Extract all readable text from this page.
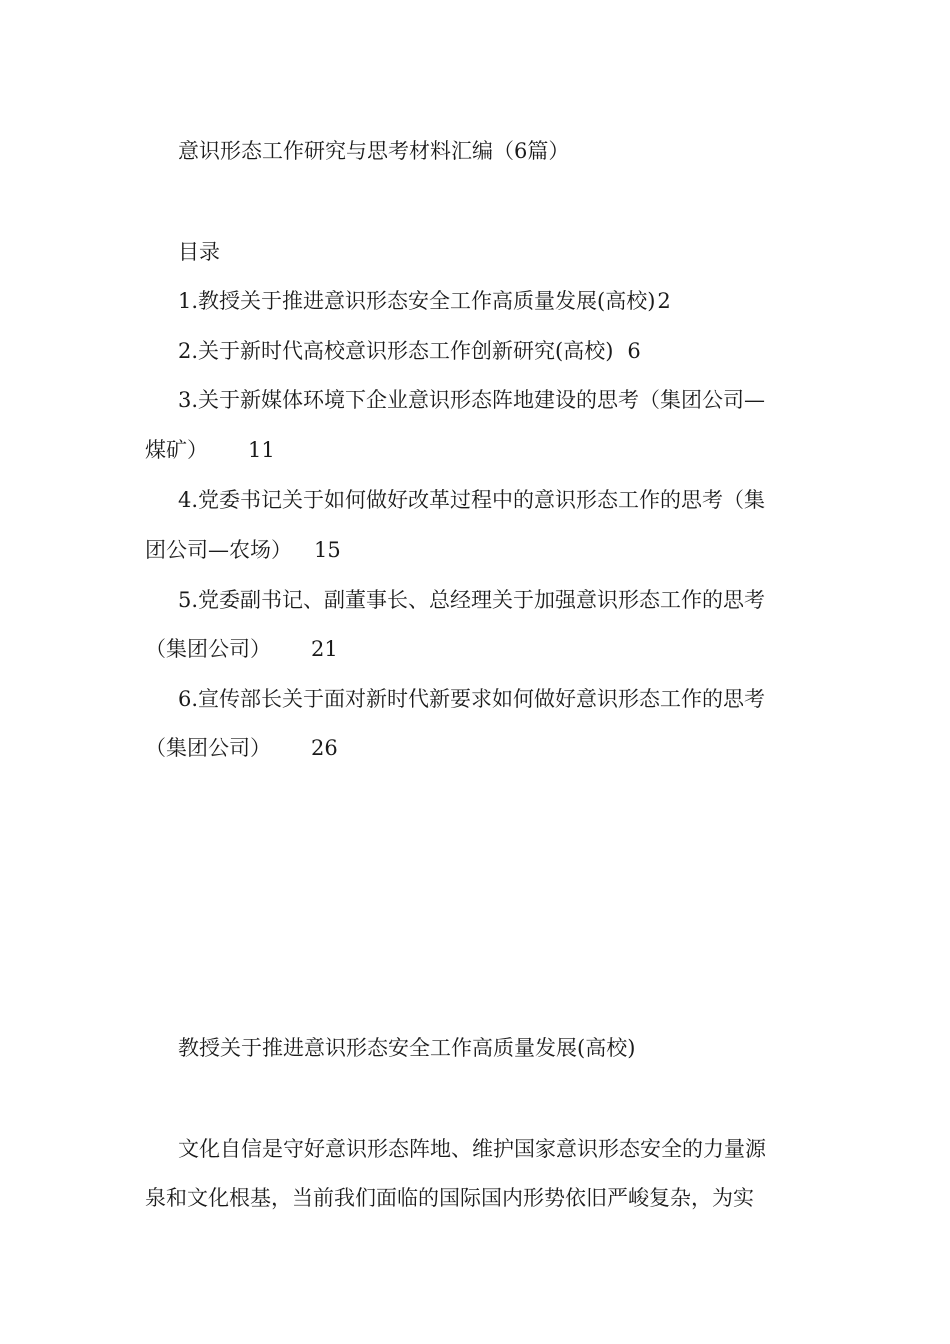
意识形态工作研究与思考材料汇编（6篇）
目录
1.教授关于推进意识形态安全工作高质量发展(高校)2
2.关于新时代高校意识形态工作创新研究(高校) 6
3.关于新媒体环境下企业意识形态阵地建设的思考（集团公司—
煤矿） 11
4.党委书记关于如何做好改革过程中的意识形态工作的思考（集
团公司—农场） 15
5.党委副书记、副董事长、总经理关于加强意识形态工作的思考
（集团公司） 21
6.宣传部长关于面对新时代新要求如何做好意识形态工作的思考
（集团公司） 26
教授关于推进意识形态安全工作高质量发展(高校)
文化自信是守好意识形态阵地、维护国家意识形态安全的力量源
泉和文化根基，当前我们面临的国际国内形势依旧严峻复杂，为实
